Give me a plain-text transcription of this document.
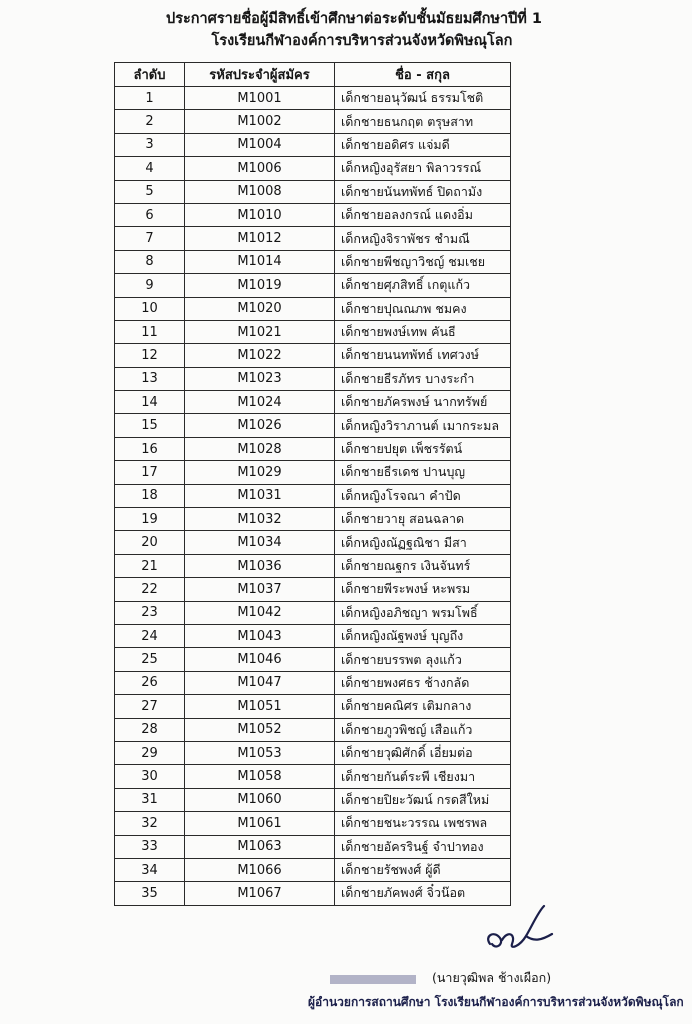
ประกาศรายชื่อผู้มีสิทธิ์เข้าศึกษาต่อระดับชั้นมัธยมศึกษาปีที่ 1
โรงเรียนกีฬาองค์การบริหารส่วนจังหวัดพิษณุโลก
ลำดับ	รหัสประจำผู้สมัคร	ชื่อ - สกุล
1	M1001	เด็กชายอนุวัฒน์ ธรรมโชติ
2	M1002	เด็กชายธนกฤต ตรุษสาท
3	M1004	เด็กชายอดิศร แจ่มดี
4	M1006	เด็กหญิงอุรัสยา พิลาวรรณ์
5	M1008	เด็กชายนันทพัทธ์ ปิดถามัง
6	M1010	เด็กชายอลงกรณ์ แดงอิ่ม
7	M1012	เด็กหญิงจิราพัชร ชำมณี
8	M1014	เด็กชายพีชญาวิชญ์ ชมเชย
9	M1019	เด็กชายศุภสิทธิ์ เกตุแก้ว
10	M1020	เด็กชายปุณณภพ ชมคง
11	M1021	เด็กชายพงษ์เทพ คันธี
12	M1022	เด็กชายนนทพัทธ์ เทศวงษ์
13	M1023	เด็กชายธีรภัทร บางระกำ
14	M1024	เด็กชายภัครพงษ์ นากทรัพย์
15	M1026	เด็กหญิงวิราภานต์ เมากระมล
16	M1028	เด็กชายปยุต เพ็ชรรัตน์
17	M1029	เด็กชายธีรเดช ปานบุญ
18	M1031	เด็กหญิงโรจณา คำปัด
19	M1032	เด็กชายวายุ สอนฉลาด
20	M1034	เด็กหญิงณัฏฐณิชา มีสา
21	M1036	เด็กชายณฐกร เงินจันทร์
22	M1037	เด็กชายพีระพงษ์ หะพรม
23	M1042	เด็กหญิงอภิชญา พรมโพธิ์
24	M1043	เด็กหญิงณัฐพงษ์ บุญถึง
25	M1046	เด็กชายบรรพต ลุงแก้ว
26	M1047	เด็กชายพงศธร ช้างกลัด
27	M1051	เด็กชายคณิศร เติมกลาง
28	M1052	เด็กชายภูวพิชญ์ เสือแก้ว
29	M1053	เด็กชายวุฒิศักดิ์ เอี่ยมต่อ
30	M1058	เด็กชายกันต์ระพี เชียงมา
31	M1060	เด็กชายปิยะวัฒน์ กรดสีใหม่
32	M1061	เด็กชายชนะวรรณ เพชรพล
33	M1063	เด็กชายอัครรินฐ์ จำปาทอง
34	M1066	เด็กชายรัชพงศ์ ผู้ดี
35	M1067	เด็กชายภัคพงศ์ จิ๋วน๊อต
(นายวุฒิพล ช้างเผือก)
ผู้อำนวยการสถานศึกษา โรงเรียนกีฬาองค์การบริหารส่วนจังหวัดพิษณุโลก
